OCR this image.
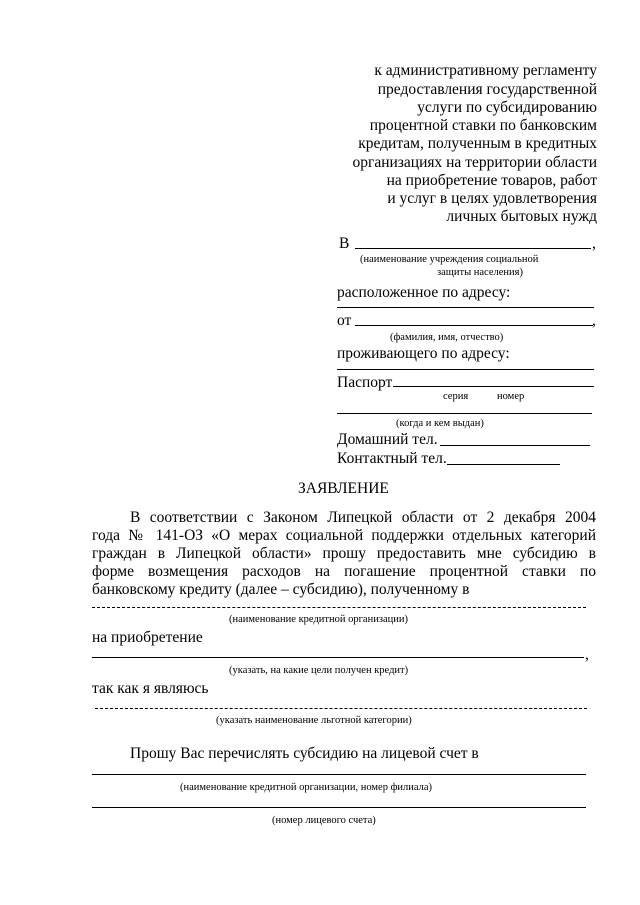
к административному регламенту
предоставления государственной
услуги по субсидированию
процентной ставки по банковским
кредитам, полученным в кредитных
организациях на территории области
на приобретение товаров, работ
и услуг в целях удовлетворения
личных бытовых нужд
В	,
(наименование учреждения социальной
защиты населения)
расположенное по адресу:
от	,
(фамилия, имя, отчество)
проживающего по адресу:
Паспорт
серия	номер
(когда и кем выдан)
Домашний тел.
Контактный тел.
ЗАЯВЛЕНИЕ
В соответствии с Законом Липецкой области от 2 декабря 2004
года № 141-ОЗ «О мерах социальной поддержки отдельных категорий
граждан в Липецкой области» прошу предоставить мне субсидию в
форме возмещения расходов на погашение процентной ставки по
банковскому кредиту (далее – субсидию), полученному в
(наименование кредитной организации)
на приобретение
,
(указать, на какие цели получен кредит)
так как я являюсь
(указать наименование льготной категории)
Прошу Вас перечислять субсидию на лицевой счет в
(наименование кредитной организации, номер филиала)
(номер лицевого счета)
